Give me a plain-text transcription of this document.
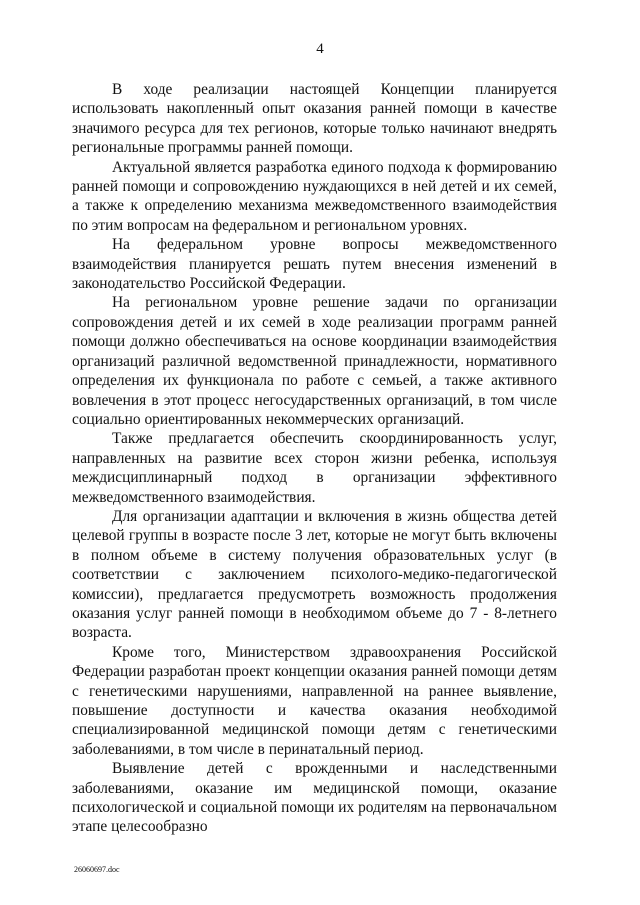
4

В ходе реализации настоящей Концепции планируется использовать накопленный опыт оказания ранней помощи в качестве значимого ресурса для тех регионов, которые только начинают внедрять региональные программы ранней помощи.

Актуальной является разработка единого подхода к формированию ранней помощи и сопровождению нуждающихся в ней детей и их семей, а также к определению механизма межведомственного взаимодействия по этим вопросам на федеральном и региональном уровнях.

На федеральном уровне вопросы межведомственного взаимодействия планируется решать путем внесения изменений в законодательство Российской Федерации.

На региональном уровне решение задачи по организации сопровождения детей и их семей в ходе реализации программ ранней помощи должно обеспечиваться на основе координации взаимодействия организаций различной ведомственной принадлежности, нормативного определения их функционала по работе с семьей, а также активного вовлечения в этот процесс негосударственных организаций, в том числе социально ориентированных некоммерческих организаций.

Также предлагается обеспечить скоординированность услуг, направленных на развитие всех сторон жизни ребенка, используя междисциплинарный подход в организации эффективного межведомственного взаимодействия.

Для организации адаптации и включения в жизнь общества детей целевой группы в возрасте после 3 лет, которые не могут быть включены в полном объеме в систему получения образовательных услуг (в соответствии с заключением психолого-медико-педагогической комиссии), предлагается предусмотреть возможность продолжения оказания услуг ранней помощи в необходимом объеме до 7 - 8-летнего возраста.

Кроме того, Министерством здравоохранения Российской Федерации разработан проект концепции оказания ранней помощи детям с генетическими нарушениями, направленной на раннее выявление, повышение доступности и качества оказания необходимой специализированной медицинской помощи детям с генетическими заболеваниями, в том числе в перинатальный период.

Выявление детей с врожденными и наследственными заболеваниями, оказание им медицинской помощи, оказание психологической и социальной помощи их родителям на первоначальном этапе целесообразно

26060697.doc
